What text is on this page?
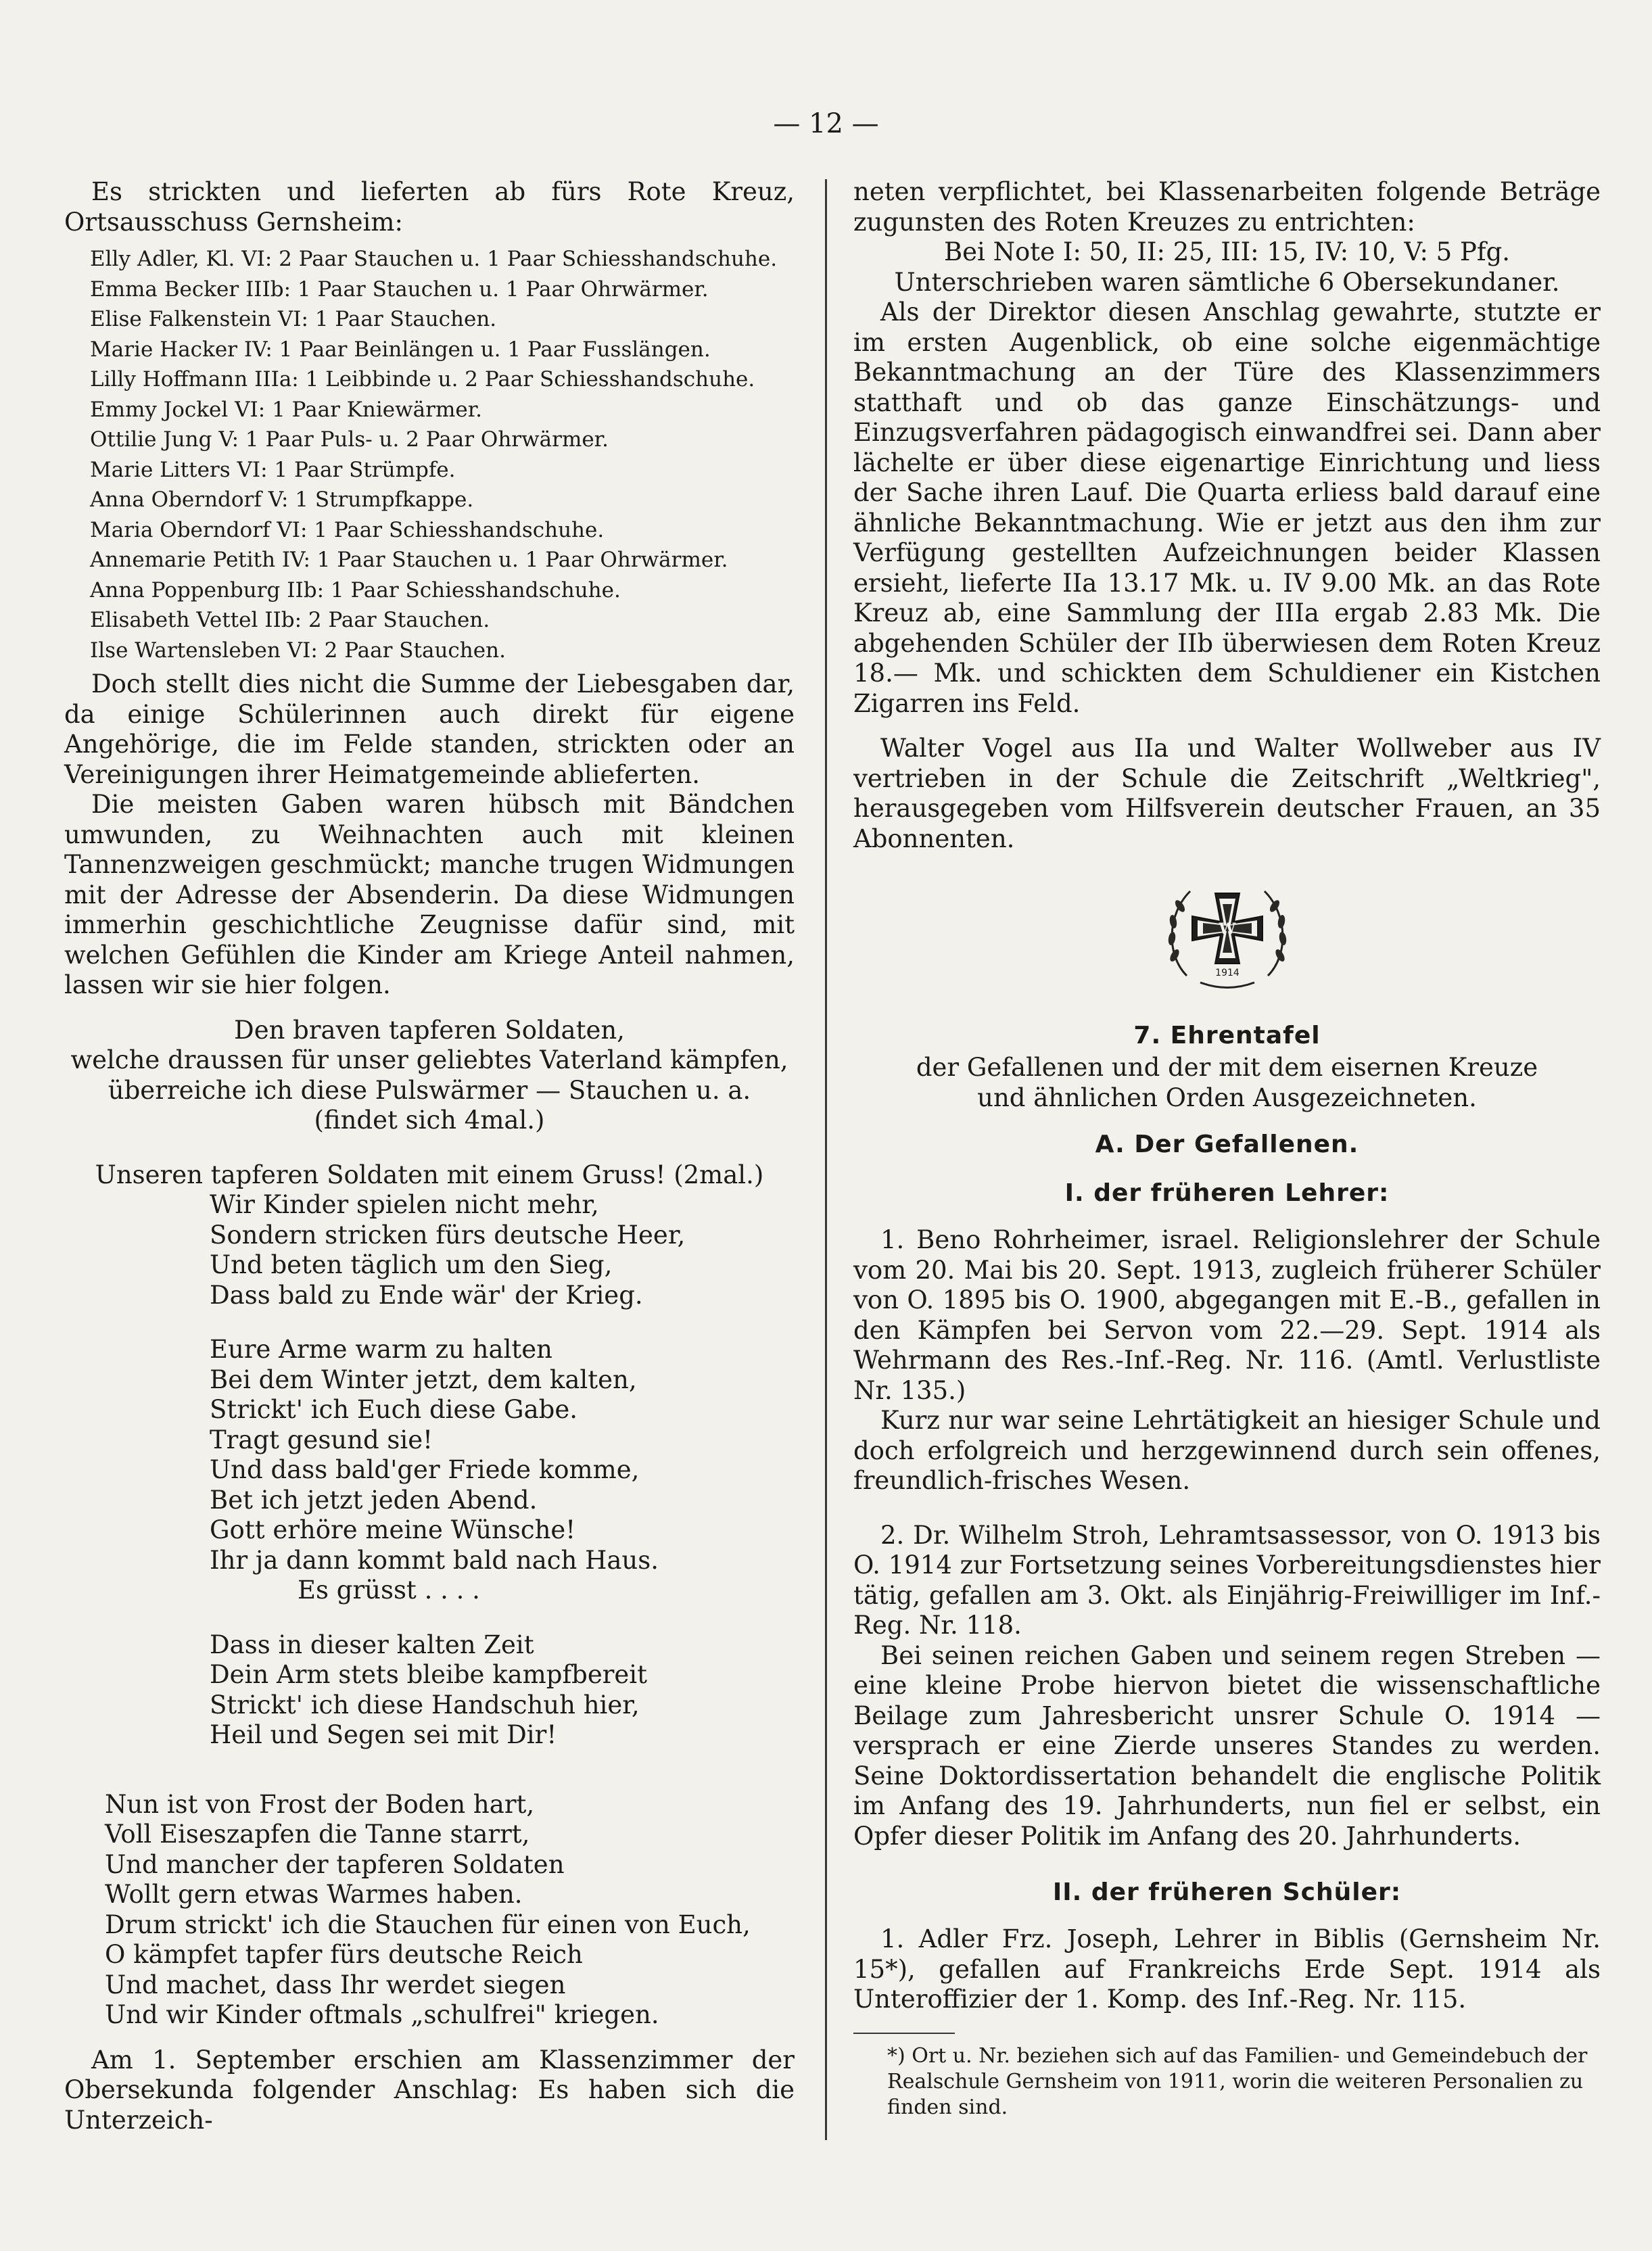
— 12 —

Es strickten und lieferten ab fürs Rote Kreuz, Ortsausschuss Gernsheim:

Elly Adler, Kl. VI: 2 Paar Stauchen u. 1 Paar Schiesshandschuhe.
Emma Becker IIIb: 1 Paar Stauchen u. 1 Paar Ohrwärmer.
Elise Falkenstein VI: 1 Paar Stauchen.
Marie Hacker IV: 1 Paar Beinlängen u. 1 Paar Fusslängen.
Lilly Hoffmann IIIa: 1 Leibbinde u. 2 Paar Schiesshandschuhe.
Emmy Jockel VI: 1 Paar Kniewärmer.
Ottilie Jung V: 1 Paar Puls- u. 2 Paar Ohrwärmer.
Marie Litters VI: 1 Paar Strümpfe.
Anna Oberndorf V: 1 Strumpfkappe.
Maria Oberndorf VI: 1 Paar Schiesshandschuhe.
Annemarie Petith IV: 1 Paar Stauchen u. 1 Paar Ohrwärmer.
Anna Poppenburg IIb: 1 Paar Schiesshandschuhe.
Elisabeth Vettel IIb: 2 Paar Stauchen.
Ilse Wartensleben VI: 2 Paar Stauchen.

Doch stellt dies nicht die Summe der Liebesgaben dar, da einige Schülerinnen auch direkt für eigene Angehörige, die im Felde standen, strickten oder an Vereinigungen ihrer Heimatgemeinde ablieferten.

Die meisten Gaben waren hübsch mit Bändchen umwunden, zu Weihnachten auch mit kleinen Tannenzweigen geschmückt; manche trugen Widmungen mit der Adresse der Absenderin. Da diese Widmungen immerhin geschichtliche Zeugnisse dafür sind, mit welchen Gefühlen die Kinder am Kriege Anteil nahmen, lassen wir sie hier folgen.

Den braven tapferen Soldaten,
welche draussen für unser geliebtes Vaterland kämpfen,
überreiche ich diese Pulswärmer — Stauchen u. a.
(findet sich 4mal.)
Unseren tapferen Soldaten mit einem Gruss! (2mal.)
Wir Kinder spielen nicht mehr,
Sondern stricken fürs deutsche Heer,
Und beten täglich um den Sieg,
Dass bald zu Ende wär' der Krieg.
Eure Arme warm zu halten
Bei dem Winter jetzt, dem kalten,
Strickt' ich Euch diese Gabe.
Tragt gesund sie!
Und dass bald'ger Friede komme,
Bet ich jetzt jeden Abend.
Gott erhöre meine Wünsche!
Ihr ja dann kommt bald nach Haus.
Es grüsst . . . .
Dass in dieser kalten Zeit
Dein Arm stets bleibe kampfbereit
Strickt' ich diese Handschuh hier,
Heil und Segen sei mit Dir!
Nun ist von Frost der Boden hart,
Voll Eiseszapfen die Tanne starrt,
Und mancher der tapferen Soldaten
Wollt gern etwas Warmes haben.
Drum strickt' ich die Stauchen für einen von Euch,
O kämpfet tapfer fürs deutsche Reich
Und machet, dass Ihr werdet siegen
Und wir Kinder oftmals „schulfrei" kriegen.

Am 1. September erschien am Klassenzimmer der Obersekunda folgender Anschlag: Es haben sich die Unterzeich-

neten verpflichtet, bei Klassenarbeiten folgende Beträge zugunsten des Roten Kreuzes zu entrichten:

Bei Note I: 50, II: 25, III: 15, IV: 10, V: 5 Pfg.
Unterschrieben waren sämtliche 6 Obersekundaner.

Als der Direktor diesen Anschlag gewahrte, stutzte er im ersten Augenblick, ob eine solche eigenmächtige Bekanntmachung an der Türe des Klassenzimmers statthaft und ob das ganze Einschätzungs- und Einzugsverfahren pädagogisch einwandfrei sei. Dann aber lächelte er über diese eigenartige Einrichtung und liess der Sache ihren Lauf. Die Quarta erliess bald darauf eine ähnliche Bekanntmachung. Wie er jetzt aus den ihm zur Verfügung gestellten Aufzeichnungen beider Klassen ersieht, lieferte IIa 13.17 Mk. u. IV 9.00 Mk. an das Rote Kreuz ab, eine Sammlung der IIIa ergab 2.83 Mk. Die abgehenden Schüler der IIb überwiesen dem Roten Kreuz 18.— Mk. und schickten dem Schuldiener ein Kistchen Zigarren ins Feld.

Walter Vogel aus IIa und Walter Wollweber aus IV vertrieben in der Schule die Zeitschrift „Weltkrieg", herausgegeben vom Hilfsverein deutscher Frauen, an 35 Abonnenten.

W
1914
7. Ehrentafel
der Gefallenen und der mit dem eisernen Kreuze
und ähnlichen Orden Ausgezeichneten.
A. Der Gefallenen.
I. der früheren Lehrer:

1. Beno Rohrheimer, israel. Religionslehrer der Schule vom 20. Mai bis 20. Sept. 1913, zugleich früherer Schüler von O. 1895 bis O. 1900, abgegangen mit E.-B., gefallen in den Kämpfen bei Servon vom 22.—29. Sept. 1914 als Wehrmann des Res.-Inf.-Reg. Nr. 116. (Amtl. Verlustliste Nr. 135.)

Kurz nur war seine Lehrtätigkeit an hiesiger Schule und doch erfolgreich und herzgewinnend durch sein offenes, freundlich-frisches Wesen.

2. Dr. Wilhelm Stroh, Lehramtsassessor, von O. 1913 bis O. 1914 zur Fortsetzung seines Vorbereitungsdienstes hier tätig, gefallen am 3. Okt. als Einjährig-Freiwilliger im Inf.-Reg. Nr. 118.

Bei seinen reichen Gaben und seinem regen Streben — eine kleine Probe hiervon bietet die wissenschaftliche Beilage zum Jahresbericht unsrer Schule O. 1914 — versprach er eine Zierde unseres Standes zu werden. Seine Doktordissertation behandelt die englische Politik im Anfang des 19. Jahrhunderts, nun fiel er selbst, ein Opfer dieser Politik im Anfang des 20. Jahrhunderts.

II. der früheren Schüler:

1. Adler Frz. Joseph, Lehrer in Biblis (Gernsheim Nr. 15*), gefallen auf Frankreichs Erde Sept. 1914 als Unteroffizier der 1. Komp. des Inf.-Reg. Nr. 115.

*) Ort u. Nr. beziehen sich auf das Familien- und Gemeindebuch der Realschule Gernsheim von 1911, worin die weiteren Personalien zu finden sind.
